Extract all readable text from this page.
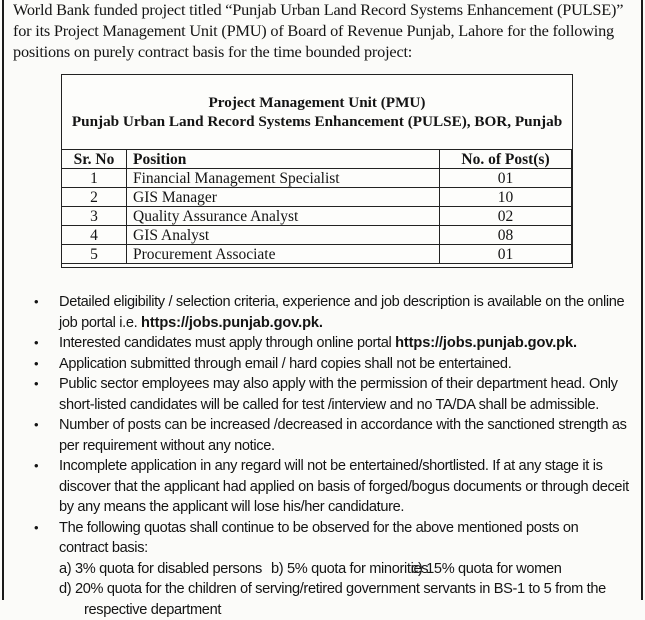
World Bank funded project titled “Punjab Urban Land Record Systems Enhancement (PULSE)” for its Project Management Unit (PMU) of Board of Revenue Punjab, Lahore for the following positions on purely contract basis for the time bounded project:
Project Management Unit (PMU)
Punjab Urban Land Record Systems Enhancement (PULSE), BOR, Punjab
Sr. No	Position	No. of Post(s)
1	Financial Management Specialist	01
2	GIS Manager	10
3	Quality Assurance Analyst	02
4	GIS Analyst	08
5	Procurement Associate	01
• Detailed eligibility / selection criteria, experience and job description is available on the online job portal i.e. https://jobs.punjab.gov.pk.
• Interested candidates must apply through online portal https://jobs.punjab.gov.pk.
• Application submitted through email / hard copies shall not be entertained.
• Public sector employees may also apply with the permission of their department head. Only short-listed candidates will be called for test /interview and no TA/DA shall be admissible.
• Number of posts can be increased /decreased in accordance with the sanctioned strength as per requirement without any notice.
• Incomplete application in any regard will not be entertained/shortlisted. If at any stage it is discover that the applicant had applied on basis of forged/bogus documents or through deceit by any means the applicant will lose his/her candidature.
• The following quotas shall continue to be observed for the above mentioned posts on contract basis:
a) 3% quota for disabled persons b) 5% quota for minoritiesc) 15% quota for women
d) 20% quota for the children of serving/retired government servants in BS-1 to 5 from the
respective department
